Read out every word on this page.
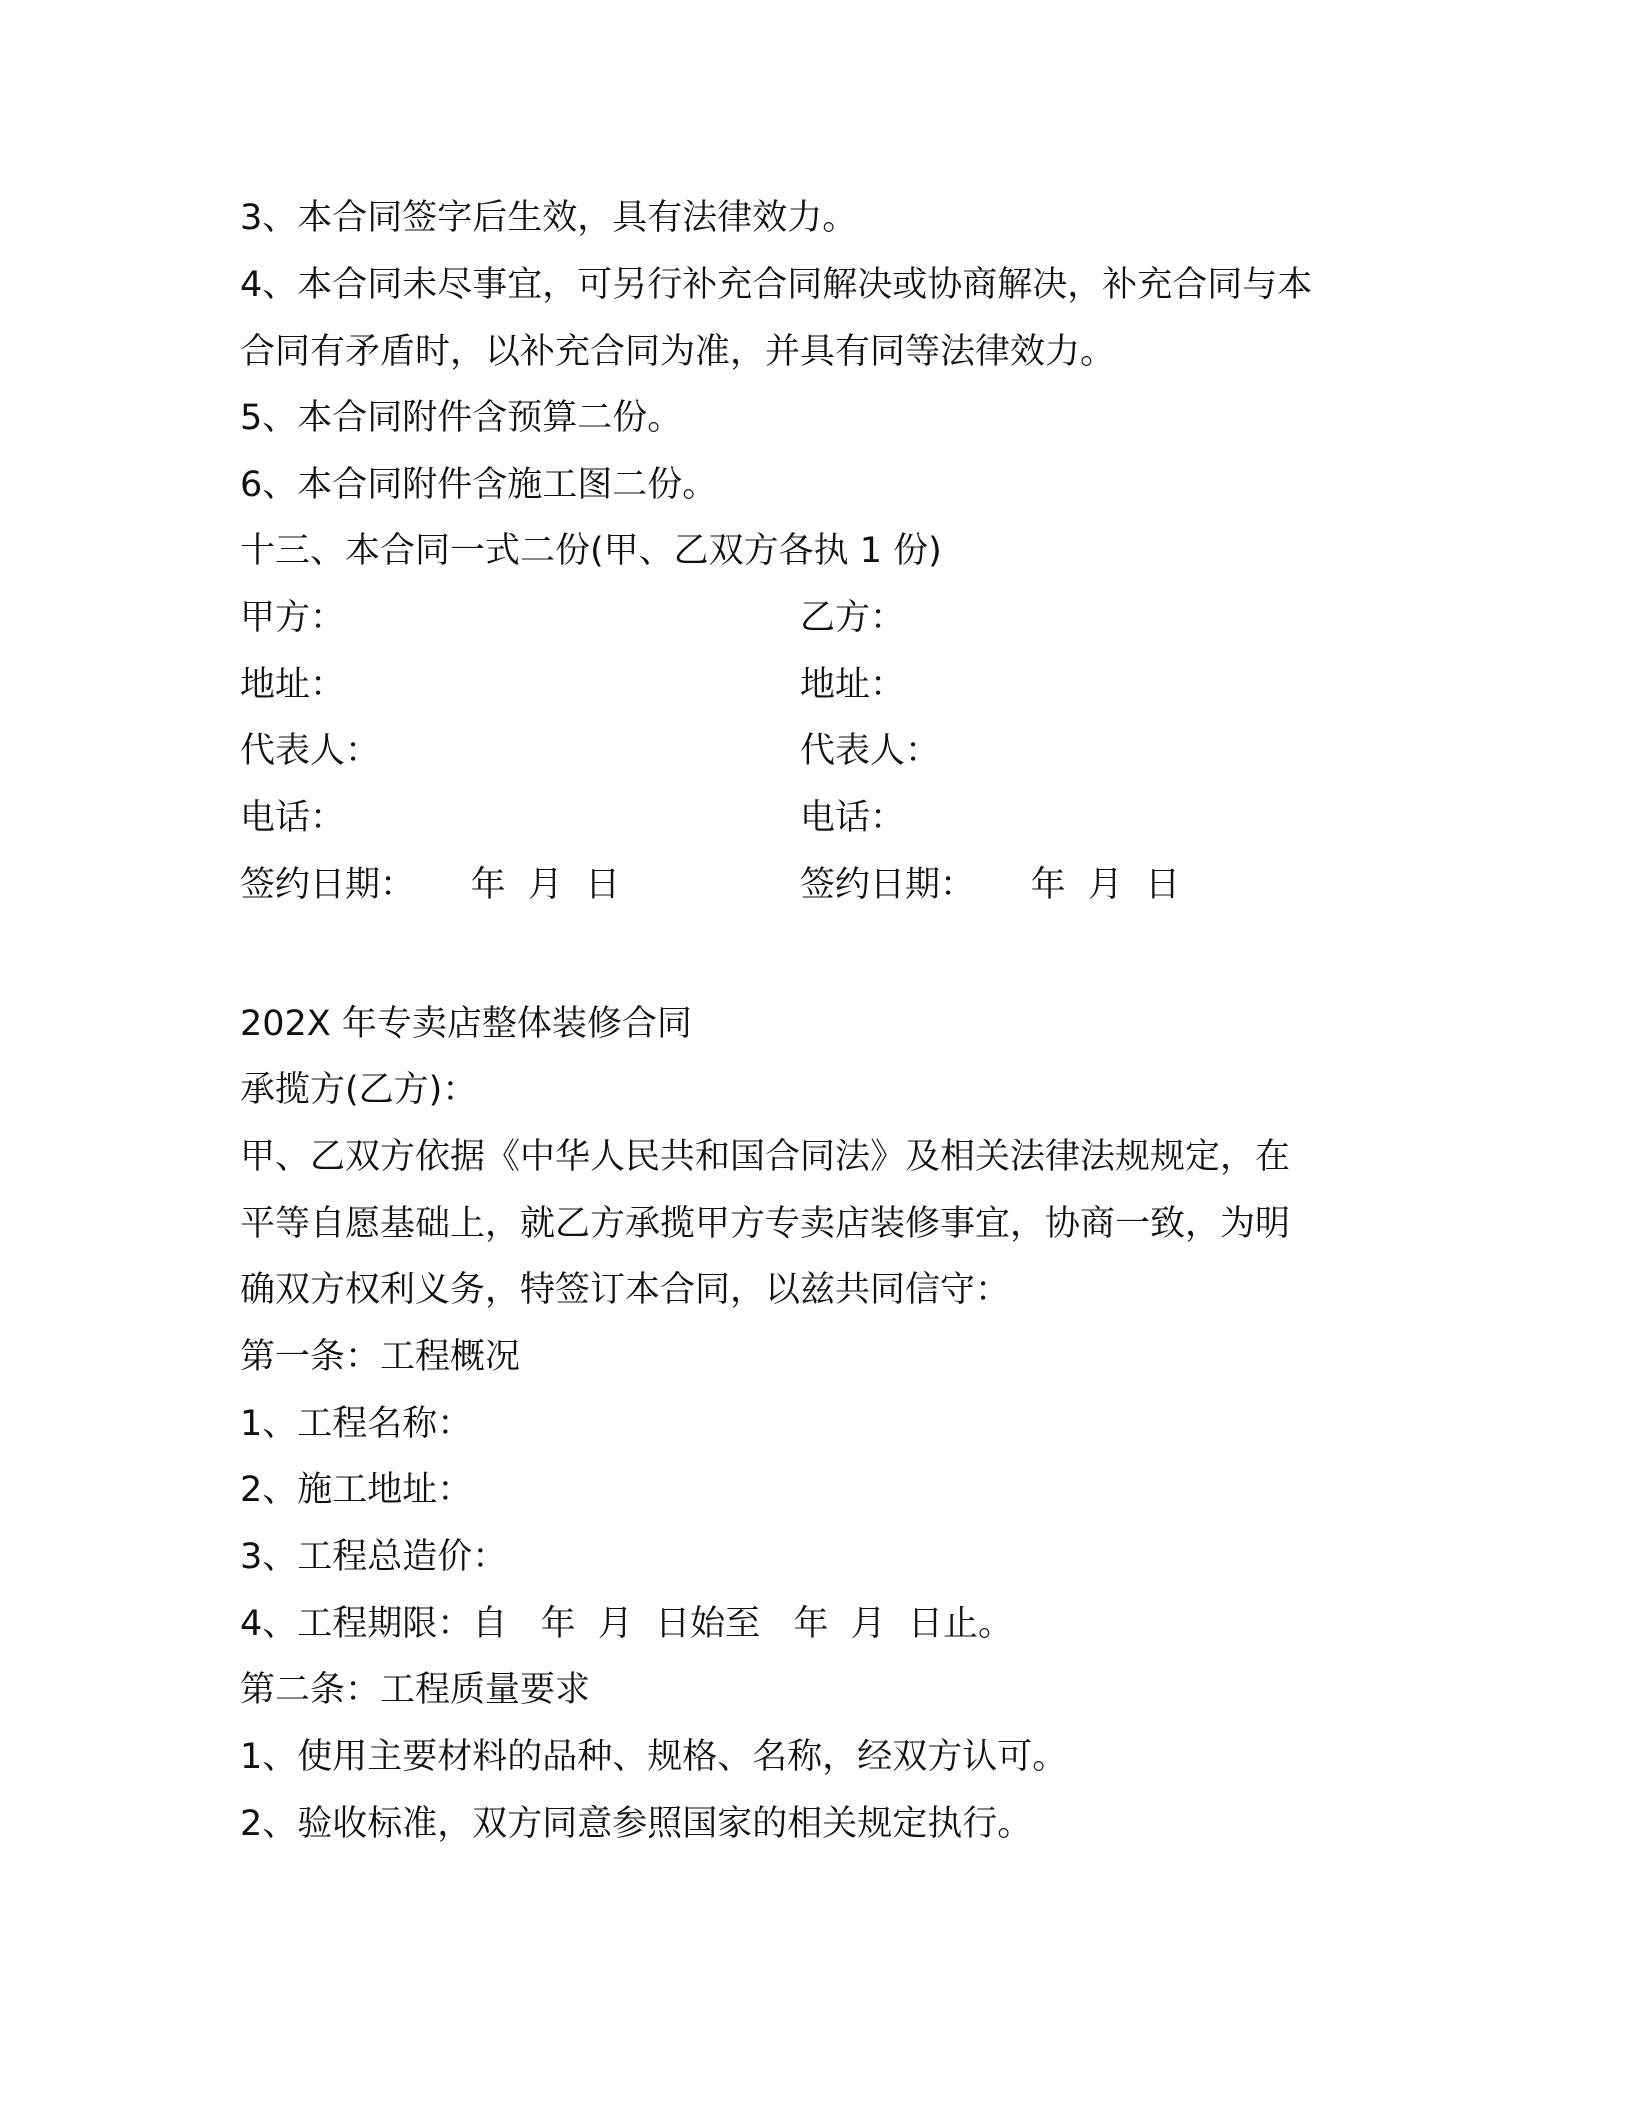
3、本合同签字后生效，具有法律效力。
4、本合同未尽事宜，可另行补充合同解决或协商解决，补充合同与本
合同有矛盾时，以补充合同为准，并具有同等法律效力。
5、本合同附件含预算二份。
6、本合同附件含施工图二份。
十三、本合同一式二份(甲、乙双方各执 1 份)
甲方：
地址：
代表人：
电话：
签约日期：     年  月  日
乙方：
地址：
代表人：
电话：
签约日期：     年  月  日
202X 年专卖店整体装修合同
承揽方(乙方)：
甲、乙双方依据《中华人民共和国合同法》及相关法律法规规定，在
平等自愿基础上，就乙方承揽甲方专卖店装修事宜，协商一致，为明
确双方权利义务，特签订本合同，以兹共同信守：
第一条：工程概况
1、工程名称：
2、施工地址：
3、工程总造价：
4、工程期限：自   年  月  日始至   年  月  日止。
第二条：工程质量要求
1、使用主要材料的品种、规格、名称，经双方认可。
2、验收标准，双方同意参照国家的相关规定执行。
